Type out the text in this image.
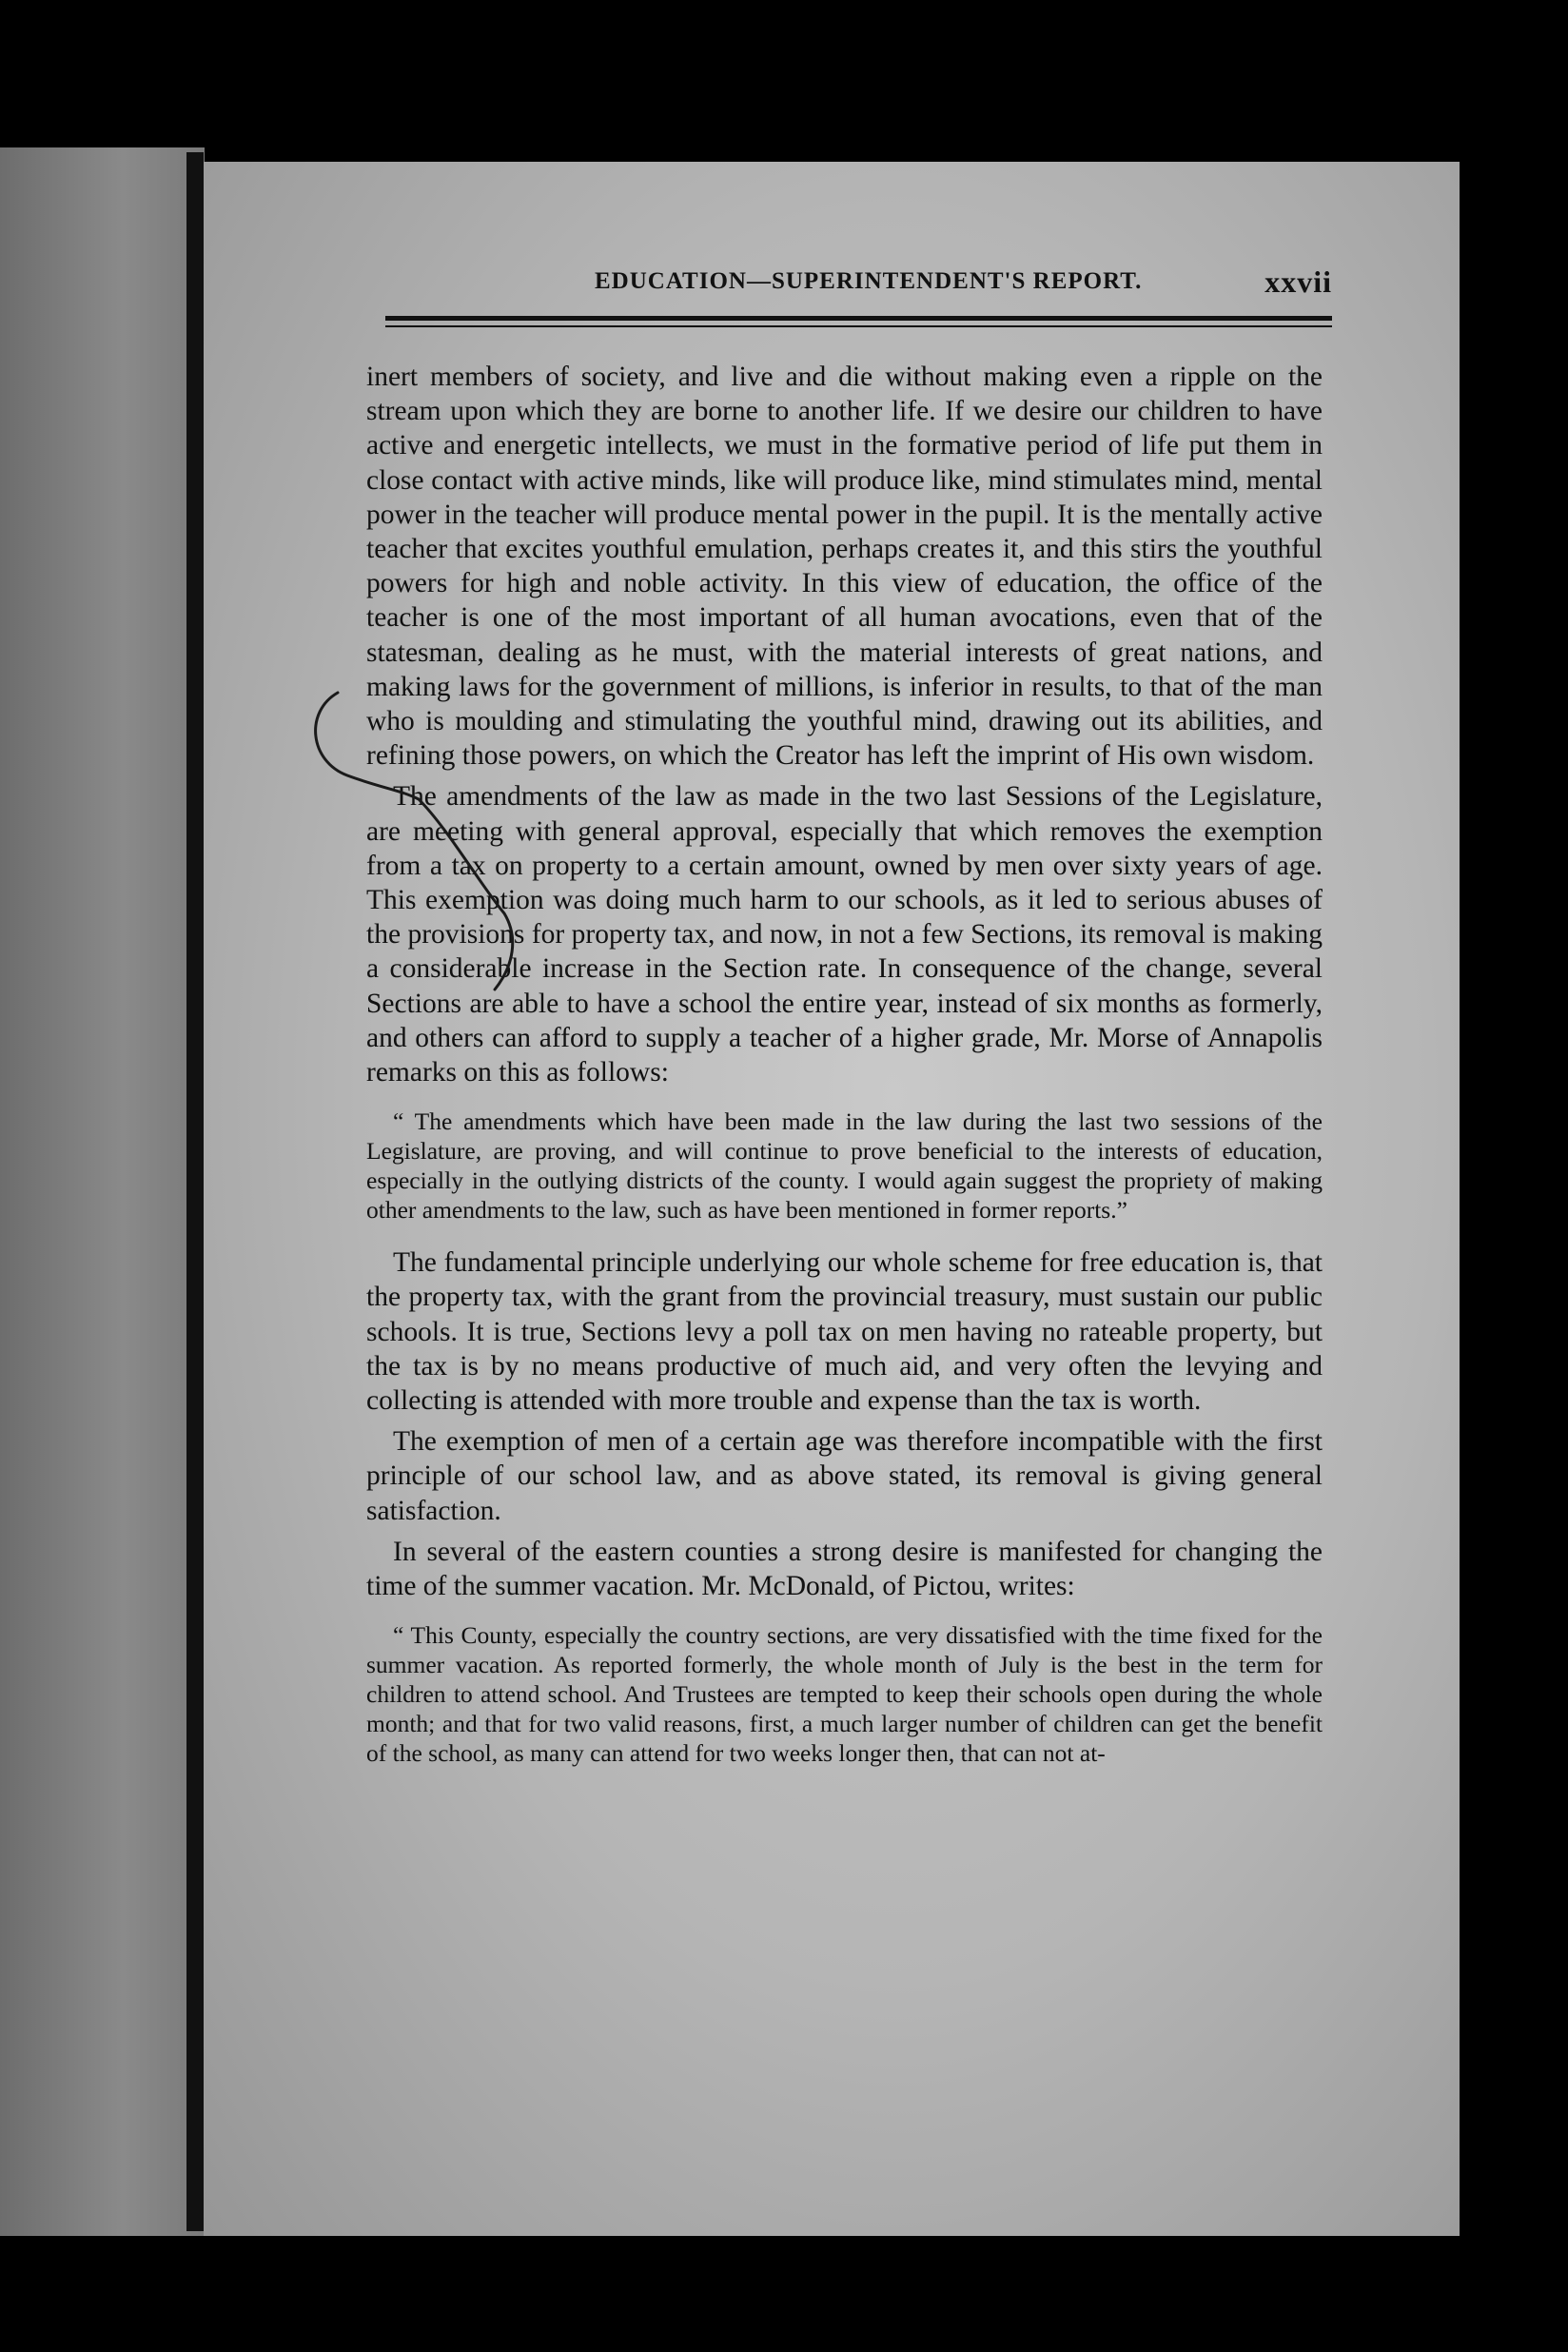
EDUCATION—SUPERINTENDENT'S REPORT.	xxvii

inert members of society, and live and die without making even a ripple on the stream upon which they are borne to another life. If we desire our children to have active and energetic intellects, we must in the formative period of life put them in close contact with active minds, like will produce like, mind stimulates mind, mental power in the teacher will produce mental power in the pupil. It is the mentally active teacher that excites youthful emulation, perhaps creates it, and this stirs the youthful powers for high and noble activity. In this view of education, the office of the teacher is one of the most important of all human avocations, even that of the statesman, dealing as he must, with the material interests of great nations, and making laws for the government of millions, is inferior in results, to that of the man who is moulding and stimulating the youthful mind, drawing out its abilities, and refining those powers, on which the Creator has left the imprint of His own wisdom.

The amendments of the law as made in the two last Sessions of the Legislature, are meeting with general approval, especially that which removes the exemption from a tax on property to a certain amount, owned by men over sixty years of age. This exemption was doing much harm to our schools, as it led to serious abuses of the provisions for property tax, and now, in not a few Sections, its removal is making a considerable increase in the Section rate. In consequence of the change, several Sections are able to have a school the entire year, instead of six months as formerly, and others can afford to supply a teacher of a higher grade, Mr. Morse of Annapolis remarks on this as follows:

“ The amendments which have been made in the law during the last two sessions of the Legislature, are proving, and will continue to prove beneficial to the interests of education, especially in the outlying districts of the county. I would again suggest the propriety of making other amendments to the law, such as have been mentioned in former reports.”

The fundamental principle underlying our whole scheme for free education is, that the property tax, with the grant from the provincial treasury, must sustain our public schools. It is true, Sections levy a poll tax on men having no rateable property, but the tax is by no means productive of much aid, and very often the levying and collecting is attended with more trouble and expense than the tax is worth.

The exemption of men of a certain age was therefore incompatible with the first principle of our school law, and as above stated, its removal is giving general satisfaction.

In several of the eastern counties a strong desire is manifested for changing the time of the summer vacation. Mr. McDonald, of Pictou, writes:

“ This County, especially the country sections, are very dissatisfied with the time fixed for the summer vacation. As reported formerly, the whole month of July is the best in the term for children to attend school. And Trustees are tempted to keep their schools open during the whole month; and that for two valid reasons, first, a much larger number of children can get the benefit of the school, as many can attend for two weeks longer then, that can not at-
